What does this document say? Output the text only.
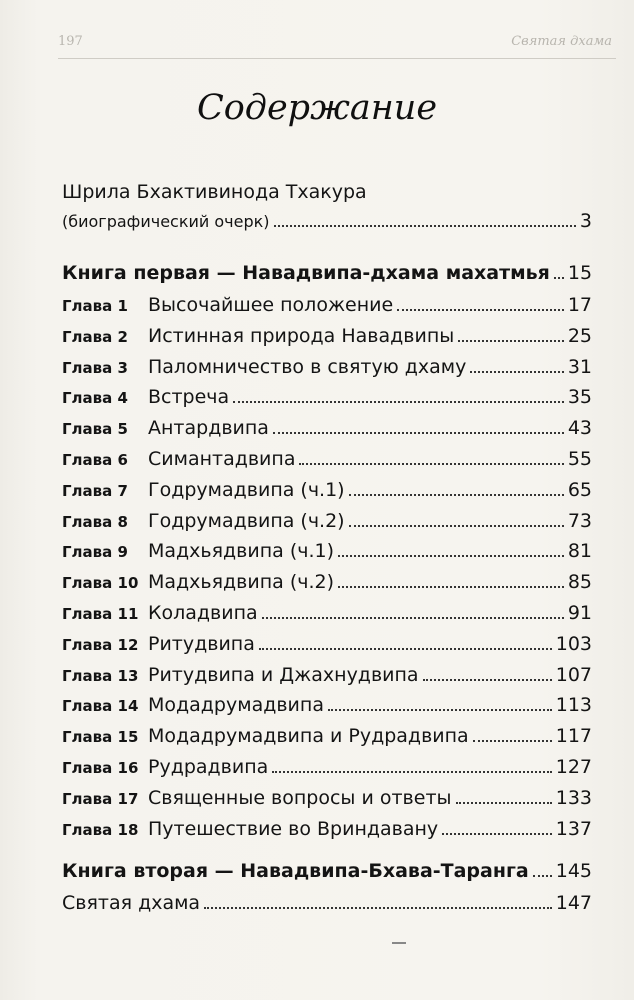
197	Святая дхама
Содержание
Шрила Бхактивинода Тхакура
(биографический очерк)	3
Книга первая — Навадвипа-дхама махатмья 15
Глава 1	Высочайшее положение	17
Глава 2	Истинная природа Навадвипы	25
Глава 3	Паломничество в святую дхаму	31
Глава 4	Встреча	35
Глава 5	Антардвипа	43
Глава 6	Симантадвипа	55
Глава 7	Годрумадвипа (ч.1)	65
Глава 8	Годрумадвипа (ч.2)	73
Глава 9	Мадхьядвипа (ч.1)	81
Глава 10 Мадхьядвипа (ч.2)	85
Глава 11 Коладвипа	91
Глава 12 Ритудвипа	103
Глава 13 Ритудвипа и Джахнудвипа	107
Глава 14 Модадрумадвипа	113
Глава 15 Модадрумадвипа и Рудрадвипа	117
Глава 16 Рудрадвипа	127
Глава 17 Священные вопросы и ответы	133
Глава 18 Путешествие во Вриндавану	137
Книга вторая — Навадвипа-Бхава-Таранга 145
Святая дхама	147
